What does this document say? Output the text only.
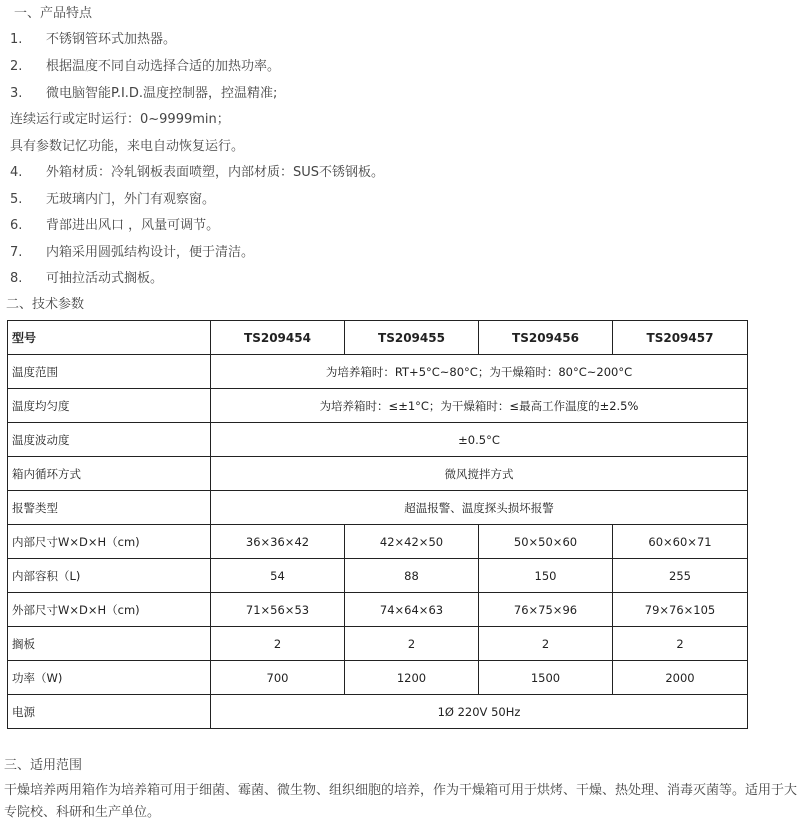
一、产品特点
1. 不锈钢管环式加热器。
2. 根据温度不同自动选择合适的加热功率。
3. 微电脑智能P.I.D.温度控制器，控温精准;
连续运行或定时运行：0~9999min；
具有参数记忆功能，来电自动恢复运行。
4. 外箱材质：冷轧钢板表面喷塑，内部材质：SUS不锈钢板。
5. 无玻璃内门，外门有观察窗。
6. 背部进出风口 ，风量可调节。
7. 内箱采用圆弧结构设计，便于清洁。
8. 可抽拉活动式搁板。
二、技术参数
型号	TS209454	TS209455	TS209456	TS209457
温度范围	为培养箱时：RT+5°C~80°C；为干燥箱时：80°C~200°C			
温度均匀度	为培养箱时：≤±1°C；为干燥箱时：≤最高工作温度的±2.5%			
温度波动度	±0.5°C			
箱内循环方式	微风搅拌方式			
报警类型	超温报警、温度探头损坏报警			
内部尺寸W×D×H（cm)	36×36×42	42×42×50	50×50×60	60×60×71
内部容积（L)	54	88	150	255
外部尺寸W×D×H（cm)	71×56×53	74×64×63	76×75×96	79×76×105
搁板	2	2	2	2
功率（W)	700	1200	1500	2000
电源	1Ø 220V 50Hz			
三、适用范围
干燥培养两用箱作为培养箱可用于细菌、霉菌、微生物、组织细胞的培养，作为干燥箱可用于烘烤、干燥、热处理、消毒灭菌等。适用于大专院校、科研和生产单位。
